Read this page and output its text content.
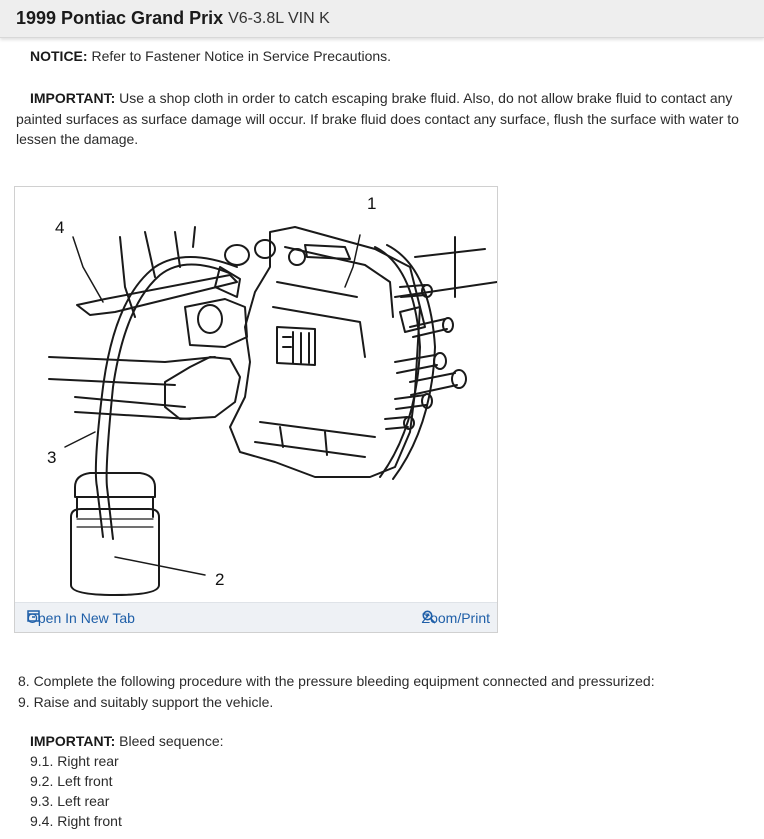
1999 Pontiac Grand Prix V6-3.8L VIN K
NOTICE: Refer to Fastener Notice in Service Precautions.
IMPORTANT: Use a shop cloth in order to catch escaping brake fluid. Also, do not allow brake fluid to contact any painted surfaces as surface damage will occur. If brake fluid does contact any surface, flush the surface with water to lessen the damage.
1
2
3
4
Open In New Tab	Zoom/Print
8. Complete the following procedure with the pressure bleeding equipment connected and pressurized:
9. Raise and suitably support the vehicle.
IMPORTANT: Bleed sequence:
9.1. Right rear
9.2. Left front
9.3. Left rear
9.4. Right front
